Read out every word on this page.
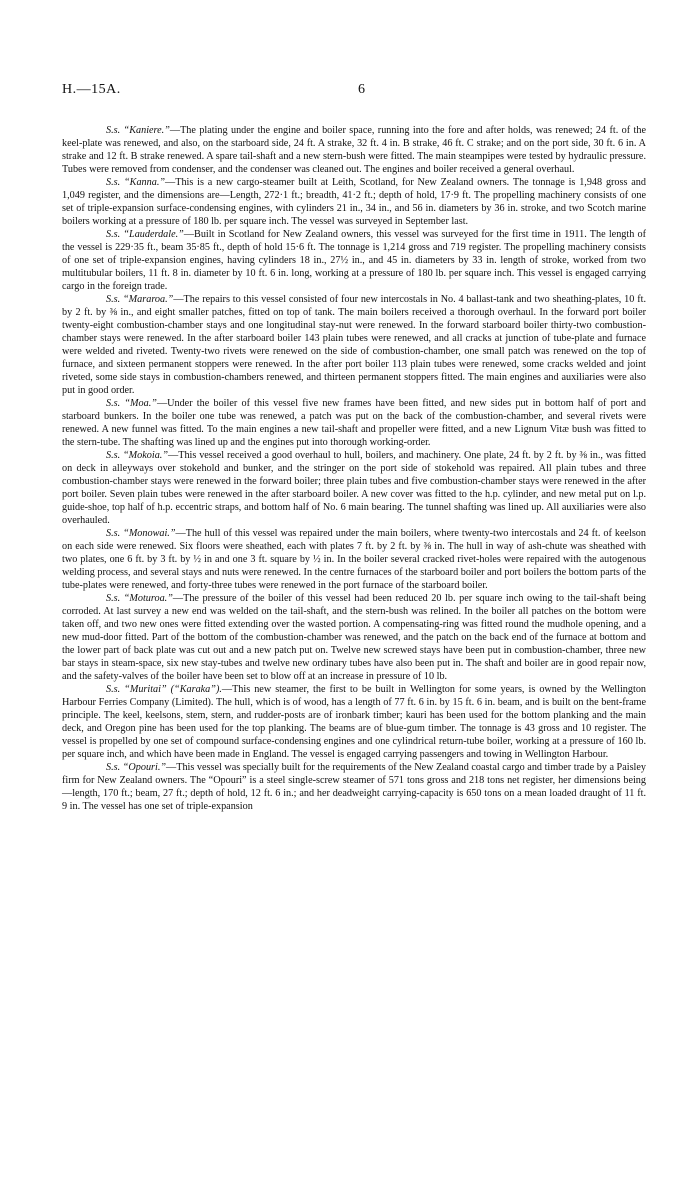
H.—15A.	6

S.s. “Kaniere.”—The plating under the engine and boiler space, running into the fore and after holds, was renewed; 24 ft. of the keel-plate was renewed, and also, on the starboard side, 24 ft. A strake, 32 ft. 4 in. B strake, 46 ft. C strake; and on the port side, 30 ft. 6 in. A strake and 12 ft. B strake renewed. A spare tail-shaft and a new stern-bush were fitted. The main steampipes were tested by hydraulic pressure. Tubes were removed from condenser, and the condenser was cleaned out. The engines and boiler received a general overhaul.

S.s. “Kanna.”—This is a new cargo-steamer built at Leith, Scotland, for New Zealand owners. The tonnage is 1,948 gross and 1,049 register, and the dimensions are—Length, 272·1 ft.; breadth, 41·2 ft.; depth of hold, 17·9 ft. The propelling machinery consists of one set of triple-expansion surface-condensing engines, with cylinders 21 in., 34 in., and 56 in. diameters by 36 in. stroke, and two Scotch marine boilers working at a pressure of 180 lb. per square inch. The vessel was surveyed in September last.

S.s. “Lauderdale.”—Built in Scotland for New Zealand owners, this vessel was surveyed for the first time in 1911. The length of the vessel is 229·35 ft., beam 35·85 ft., depth of hold 15·6 ft. The tonnage is 1,214 gross and 719 register. The propelling machinery consists of one set of triple-expansion engines, having cylinders 18 in., 27½ in., and 45 in. diameters by 33 in. length of stroke, worked from two multitubular boilers, 11 ft. 8 in. diameter by 10 ft. 6 in. long, working at a pressure of 180 lb. per square inch. This vessel is engaged carrying cargo in the foreign trade.

S.s. “Mararoa.”—The repairs to this vessel consisted of four new intercostals in No. 4 ballast-tank and two sheathing-plates, 10 ft. by 2 ft. by ⅜ in., and eight smaller patches, fitted on top of tank. The main boilers received a thorough overhaul. In the forward port boiler twenty-eight combustion-chamber stays and one longitudinal stay-nut were renewed. In the forward starboard boiler thirty-two combustion-chamber stays were renewed. In the after starboard boiler 143 plain tubes were renewed, and all cracks at junction of tube-plate and furnace were welded and riveted. Twenty-two rivets were renewed on the side of combustion-chamber, one small patch was renewed on the top of furnace, and sixteen permanent stoppers were renewed. In the after port boiler 113 plain tubes were renewed, some cracks welded and joint riveted, some side stays in combustion-chambers renewed, and thirteen permanent stoppers fitted. The main engines and auxiliaries were also put in good order.

S.s. “Moa.”—Under the boiler of this vessel five new frames have been fitted, and new sides put in bottom half of port and starboard bunkers. In the boiler one tube was renewed, a patch was put on the back of the combustion-chamber, and several rivets were renewed. A new funnel was fitted. To the main engines a new tail-shaft and propeller were fitted, and a new Lignum Vitæ bush was fitted to the stern-tube. The shafting was lined up and the engines put into thorough working-order.

S.s. “Mokoia.”—This vessel received a good overhaul to hull, boilers, and machinery. One plate, 24 ft. by 2 ft. by ⅜ in., was fitted on deck in alleyways over stokehold and bunker, and the stringer on the port side of stokehold was repaired. All plain tubes and three combustion-chamber stays were renewed in the forward boiler; three plain tubes and five combustion-chamber stays were renewed in the after port boiler. Seven plain tubes were renewed in the after starboard boiler. A new cover was fitted to the h.p. cylinder, and new metal put on l.p. guide-shoe, top half of h.p. eccentric straps, and bottom half of No. 6 main bearing. The tunnel shafting was lined up. All auxiliaries were also overhauled.

S.s. “Monowai.”—The hull of this vessel was repaired under the main boilers, where twenty-two intercostals and 24 ft. of keelson on each side were renewed. Six floors were sheathed, each with plates 7 ft. by 2 ft. by ⅜ in. The hull in way of ash-chute was sheathed with two plates, one 6 ft. by 3 ft. by ½ in and one 3 ft. square by ½ in. In the boiler several cracked rivet-holes were repaired with the autogenous welding process, and several stays and nuts were renewed. In the centre furnaces of the starboard boiler and port boilers the bottom parts of the tube-plates were renewed, and forty-three tubes were renewed in the port furnace of the starboard boiler.

S.s. “Moturoa.”—The pressure of the boiler of this vessel had been reduced 20 lb. per square inch owing to the tail-shaft being corroded. At last survey a new end was welded on the tail-shaft, and the stern-bush was relined. In the boiler all patches on the bottom were taken off, and two new ones were fitted extending over the wasted portion. A compensating-ring was fitted round the mudhole opening, and a new mud-door fitted. Part of the bottom of the combustion-chamber was renewed, and the patch on the back end of the furnace at bottom and the lower part of back plate was cut out and a new patch put on. Twelve new screwed stays have been put in combustion-chamber, three new bar stays in steam-space, six new stay-tubes and twelve new ordinary tubes have also been put in. The shaft and boiler are in good repair now, and the safety-valves of the boiler have been set to blow off at an increase in pressure of 10 lb.

S.s. “Muritai” (“Karaka”).—This new steamer, the first to be built in Wellington for some years, is owned by the Wellington Harbour Ferries Company (Limited). The hull, which is of wood, has a length of 77 ft. 6 in. by 15 ft. 6 in. beam, and is built on the bent-frame principle. The keel, keelsons, stem, stern, and rudder-posts are of ironbark timber; kauri has been used for the bottom planking and the main deck, and Oregon pine has been used for the top planking. The beams are of blue-gum timber. The tonnage is 43 gross and 10 register. The vessel is propelled by one set of compound surface-condensing engines and one cylindrical return-tube boiler, working at a pressure of 160 lb. per square inch, and which have been made in England. The vessel is engaged carrying passengers and towing in Wellington Harbour.

S.s. “Opouri.”—This vessel was specially built for the requirements of the New Zealand coastal cargo and timber trade by a Paisley firm for New Zealand owners. The “Opouri” is a steel single-screw steamer of 571 tons gross and 218 tons net register, her dimensions being—length, 170 ft.; beam, 27 ft.; depth of hold, 12 ft. 6 in.; and her deadweight carrying-capacity is 650 tons on a mean loaded draught of 11 ft. 9 in. The vessel has one set of triple-expansion
